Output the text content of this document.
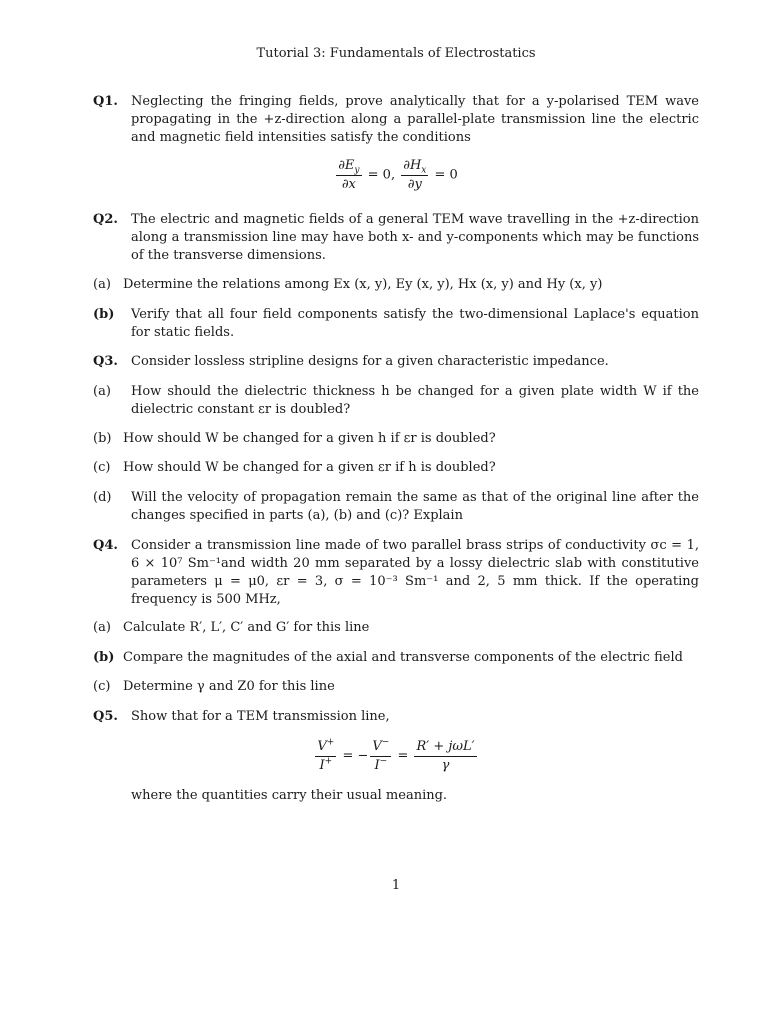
Tutorial 3: Fundamentals of Electrostatics
Q1.	Neglecting the fringing fields, prove analytically that for a y-polarised TEM wave propagating in the +z-direction along a parallel-plate transmission line the electric and magnetic field intensities satisfy the conditions
$\frac{\partial E_y}{\partial x} = 0$, $\frac{\partial H_x}{\partial y} = 0$
Q2.	The electric and magnetic fields of a general TEM wave travelling in the +z-direction along a transmission line may have both x- and y-components which may be functions of the transverse dimensions.
(a) Determine the relations among Ex (x, y), Ey (x, y), Hx (x, y) and Hy (x, y)
(b)	Verify that all four field components satisfy the two-dimensional Laplace's equation for static fields.
Q3.	Consider lossless stripline designs for a given characteristic impedance.
(a)	How should the dielectric thickness h be changed for a given plate width W if the dielectric constant εr is doubled?
(b) How should W be changed for a given h if εr is doubled?
(c) How should W be changed for a given εr if h is doubled?
(d)	Will the velocity of propagation remain the same as that of the original line after the changes specified in parts (a), (b) and (c)? Explain
Q4.	Consider a transmission line made of two parallel brass strips of conductivity σc = 1, 6 × 10⁷ Sm⁻¹and width 20 mm separated by a lossy dielectric slab with constitutive parameters μ = μ0, εr = 3, σ = 10⁻³ Sm⁻¹ and 2, 5 mm thick. If the operating frequency is 500 MHz,
(a) Calculate R′, L′, C′ and G′ for this line
(b) Compare the magnitudes of the axial and transverse components of the electric field
(c) Determine γ and Z0 for this line
Q5.	Show that for a TEM transmission line,
$\frac{V^+}{I^+}$ = − $\frac{V^-}{I^-} = \frac{\text{R′ + jωL′}}{\gamma}$
where the quantities carry their usual meaning.
1
